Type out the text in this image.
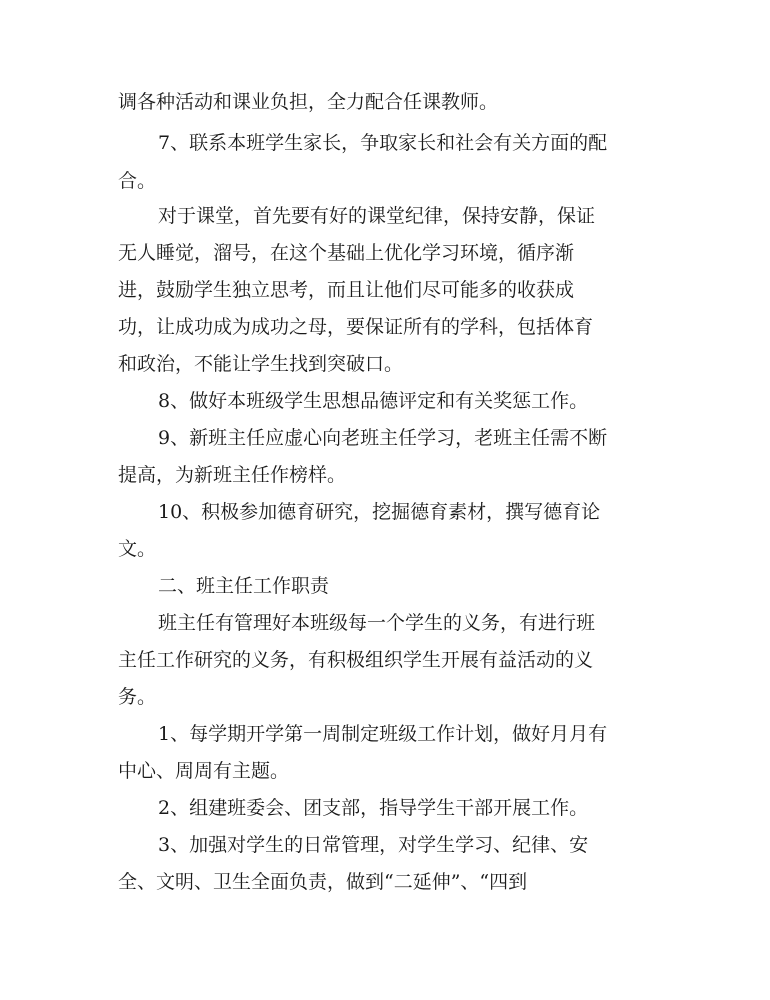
调各种活动和课业负担，全力配合任课教师。
7、联系本班学生家长，争取家长和社会有关方面的配
合。
对于课堂，首先要有好的课堂纪律，保持安静，保证
无人睡觉，溜号，在这个基础上优化学习环境，循序渐
进，鼓励学生独立思考，而且让他们尽可能多的收获成
功，让成功成为成功之母，要保证所有的学科，包括体育
和政治，不能让学生找到突破口。
8、做好本班级学生思想品德评定和有关奖惩工作。
9、新班主任应虚心向老班主任学习，老班主任需不断
提高，为新班主任作榜样。
10、积极参加德育研究，挖掘德育素材，撰写德育论
文。
二、班主任工作职责
班主任有管理好本班级每一个学生的义务，有进行班
主任工作研究的义务，有积极组织学生开展有益活动的义
务。
1、每学期开学第一周制定班级工作计划，做好月月有
中心、周周有主题。
2、组建班委会、团支部，指导学生干部开展工作。
3、加强对学生的日常管理，对学生学习、纪律、安
全、文明、卫生全面负责，做到“二延伸”、“四到
